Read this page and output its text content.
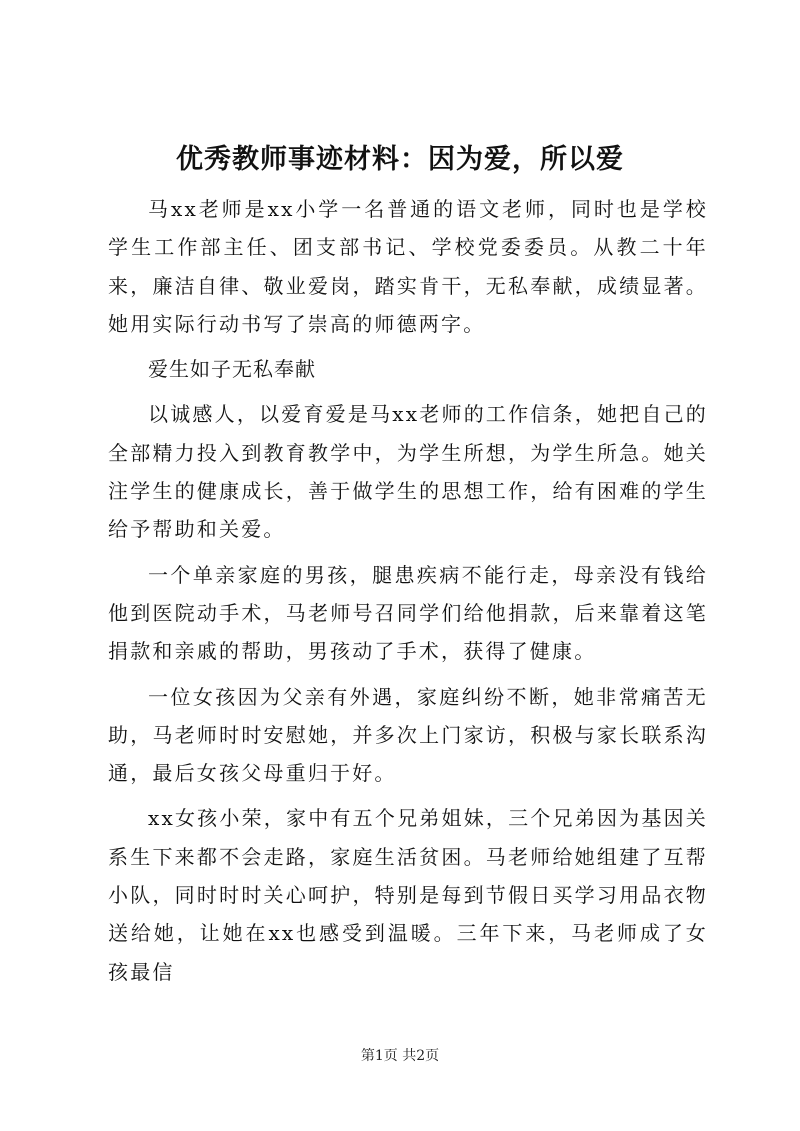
优秀教师事迹材料：因为爱，所以爱

马xx老师是xx小学一名普通的语文老师，同时也是学校学生工作部主任、团支部书记、学校党委委员。从教二十年来，廉洁自律、敬业爱岗，踏实肯干，无私奉献，成绩显著。她用实际行动书写了崇高的师德两字。

爱生如子无私奉献

以诚感人，以爱育爱是马xx老师的工作信条，她把自己的全部精力投入到教育教学中，为学生所想，为学生所急。她关注学生的健康成长，善于做学生的思想工作，给有困难的学生给予帮助和关爱。

一个单亲家庭的男孩，腿患疾病不能行走，母亲没有钱给他到医院动手术，马老师号召同学们给他捐款，后来靠着这笔捐款和亲戚的帮助，男孩动了手术，获得了健康。

一位女孩因为父亲有外遇，家庭纠纷不断，她非常痛苦无助，马老师时时安慰她，并多次上门家访，积极与家长联系沟通，最后女孩父母重归于好。

xx女孩小荣，家中有五个兄弟姐妹，三个兄弟因为基因关系生下来都不会走路，家庭生活贫困。马老师给她组建了互帮小队，同时时时关心呵护，特别是每到节假日买学习用品衣物送给她，让她在xx也感受到温暖。三年下来，马老师成了女孩最信

第1页 共2页
